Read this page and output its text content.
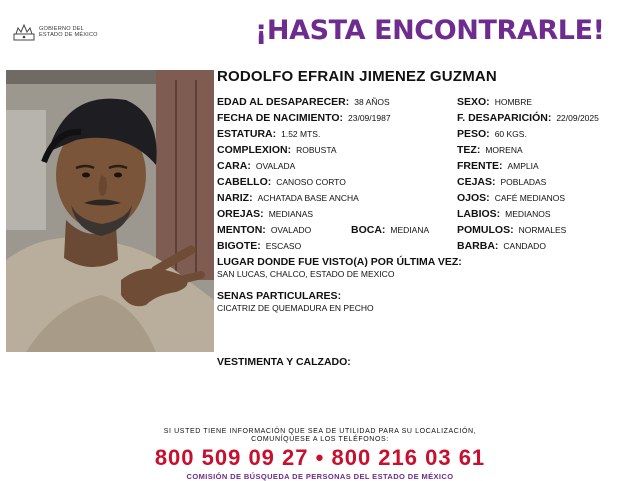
GOBIERNO DEL
ESTADO DE MÉXICO	¡HASTA ENCONTRARLE!
RODOLFO EFRAIN JIMENEZ GUZMAN
EDAD AL DESAPARECER: 38 AÑOS
FECHA DE NACIMIENTO: 23/09/1987
ESTATURA: 1.52 MTS.
COMPLEXION: ROBUSTA
CARA: OVALADA
CABELLO: CANOSO CORTO
NARIZ: ACHATADA BASE ANCHA
OREJAS: MEDIANAS
MENTON: OVALADO	BOCA: MEDIANA
BIGOTE: ESCASO
SEXO: HOMBRE
F. DESAPARICIÓN: 22/09/2025
PESO: 60 KGS.
TEZ: MORENA
FRENTE: AMPLIA
CEJAS: POBLADAS
OJOS: CAFÉ MEDIANOS
LABIOS: MEDIANOS
POMULOS: NORMALES
BARBA: CANDADO
LUGAR DONDE FUE VISTO(A) POR ÚLTIMA VEZ:
SAN LUCAS, CHALCO, ESTADO DE MEXICO
SENAS PARTICULARES:
CICATRIZ DE QUEMADURA EN PECHO
VESTIMENTA Y CALZADO:
SI USTED TIENE INFORMACIÓN QUE SEA DE UTILIDAD PARA SU LOCALIZACIÓN,
COMUNÍQUESE A LOS TELÉFONOS:
800 509 09 27 • 800 216 03 61
COMISIÓN DE BÚSQUEDA DE PERSONAS DEL ESTADO DE MÉXICO
